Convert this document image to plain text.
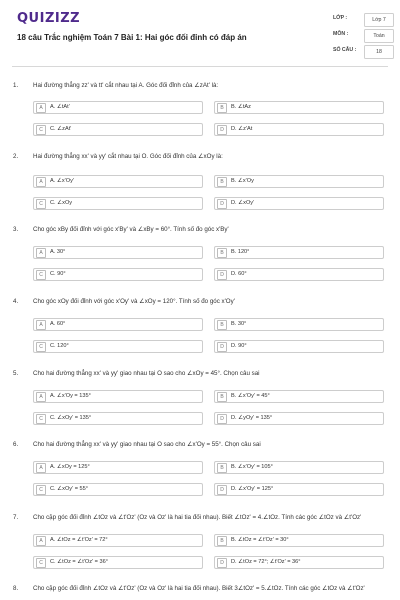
QUIZIZZ
18 câu Trắc nghiệm Toán 7 Bài 1: Hai góc đối đỉnh có đáp án
LỚP :	Lớp 7
MÔN :	Toán
SỐ CÂU :	18
1. Hai đường thẳng zz' và tt' cắt nhau tại A. Góc đối đỉnh của ∠zAt' là:
A	A. ∠tAt'	B	B. ∠tAz
C	C. ∠zAt'	D	D. ∠z'At
2. Hai đường thẳng xx' và yy' cắt nhau tại O. Góc đối đỉnh của ∠xOy là:
A	A. ∠x'Oy'	B	B. ∠x'Oy
C	C. ∠xOy	D	D. ∠xOy'
3. Cho góc xBy đối đỉnh với góc x'By' và ∠xBy = 60°. Tính số đo góc x'By'
A	A. 30°	B	B. 120°
C	C. 90°	D	D. 60°
4. Cho góc xOy đối đỉnh với góc x'Oy' và ∠xOy = 120°. Tính số đo góc x'Oy'
A	A. 60°	B	B. 30°
C	C. 120°	D	D. 90°
5. Cho hai đường thẳng xx' và yy' giao nhau tại O sao cho ∠xOy = 45°. Chọn câu sai
A	A. ∠x'Oy = 135°	B	B. ∠x'Oy' = 45°
C	C. ∠xOy' = 135°	D	D. ∠yOy' = 135°
6. Cho hai đường thẳng xx' và yy' giao nhau tại O sao cho ∠x'Oy = 55°. Chọn câu sai
A	A. ∠xOy = 125°	B	B. ∠x'Oy' = 105°
C	C. ∠xOy' = 55°	D	D. ∠x'Oy' = 125°
7. Cho cặp góc đối đỉnh ∠tOz và ∠t'Oz' (Oz và Oz' là hai tia đối nhau). Biết ∠tOz' = 4.∠tOz. Tính các góc ∠tOz và ∠t'Oz'
A	A. ∠tOz = ∠t'Oz' = 72°	B	B. ∠tOz = ∠t'Oz' = 30°
C	C. ∠tOz = ∠t'Oz' = 36°	D	D. ∠tOz = 72°; ∠t'Oz' = 36°
8. Cho cặp góc đối đỉnh ∠tOz và ∠t'Oz' (Oz và Oz' là hai tia đối nhau). Biết 3∠tOz' = 5.∠tOz. Tính các góc ∠tOz và ∠t'Oz'
